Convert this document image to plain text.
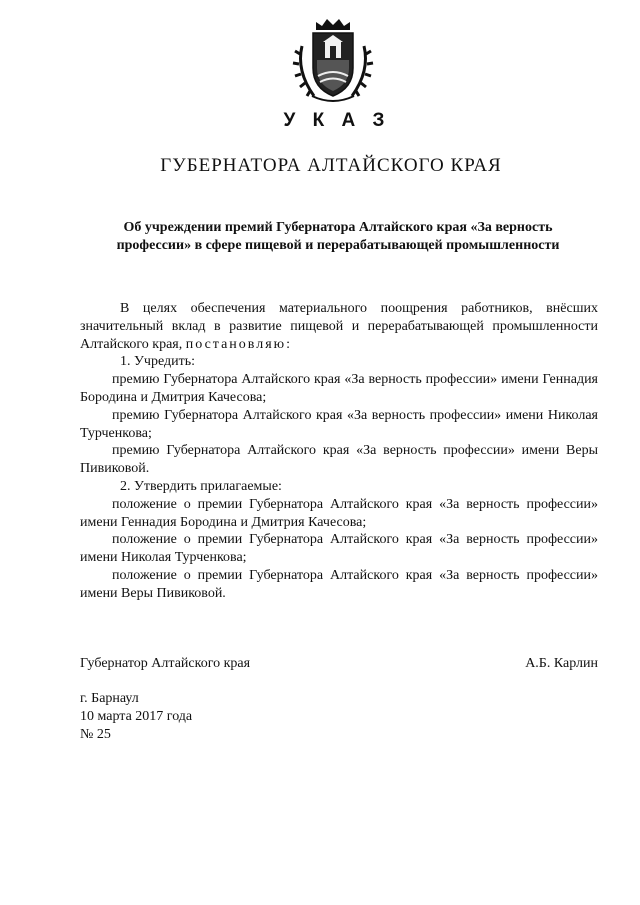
У К А З
ГУБЕРНАТОРА АЛТАЙСКОГО КРАЯ
Об учреждении премий Губернатора Алтайского края «За верность
профессии» в сфере пищевой и перерабатывающей промышленности

В целях обеспечения материального поощрения работников, внёсших значительный вклад в развитие пищевой и перерабатывающей промышленности Алтайского края, постановляю:

1. Учредить:

премию Губернатора Алтайского края «За верность профессии» имени Геннадия Бородина и Дмитрия Качесова;

премию Губернатора Алтайского края «За верность профессии» имени Николая Турченкова;

премию Губернатора Алтайского края «За верность профессии» имени Веры Пивиковой.

2. Утвердить прилагаемые:

положение о премии Губернатора Алтайского края «За верность профессии» имени Геннадия Бородина и Дмитрия Качесова;

положение о премии Губернатора Алтайского края «За верность профессии» имени Николая Турченкова;

положение о премии Губернатора Алтайского края «За верность профессии» имени Веры Пивиковой.

Губернатор Алтайского края	А.Б. Карлин
г. Барнаул
10 марта 2017 года
№ 25
